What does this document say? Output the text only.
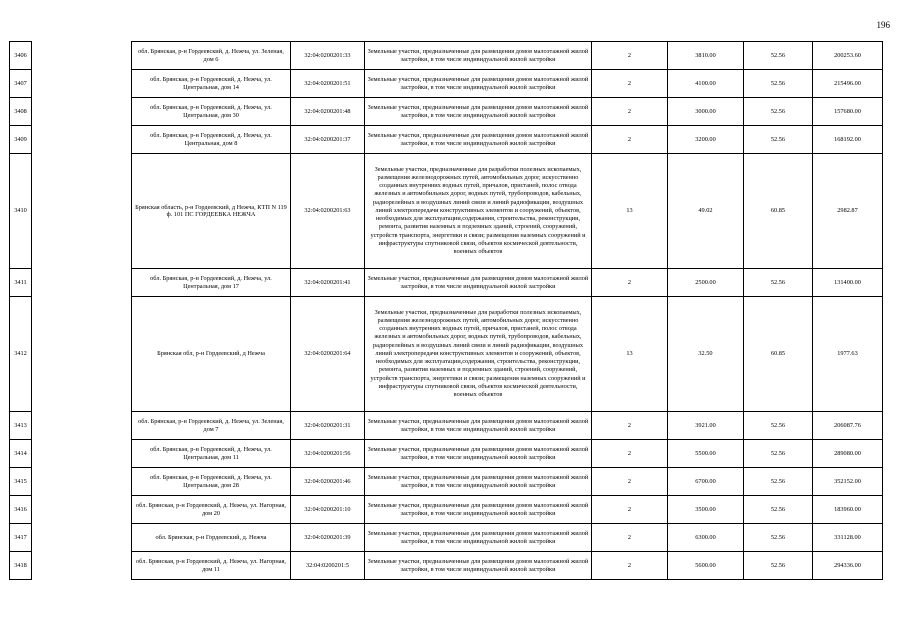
196
3406		обл. Брянская, р-н Гордеевский, д. Нежча, ул. Зеленая, дом 6	32:04:0200201:33	Земельные участки, предназначенные для размещения домов малоэтажной жилой застройки, в том числе индивидуальной жилой застройки	2	3810.00	52.56	200253.60
3407		обл. Брянская, р-н Гордеевский, д. Нежча, ул. Центральная, дом 14	32:04:0200201:51	Земельные участки, предназначенные для размещения домов малоэтажной жилой застройки, в том числе индивидуальной жилой застройки	2	4100.00	52.56	215496.00
3408		обл. Брянская, р-н Гордеевский, д. Нежча, ул. Центральная, дом 30	32:04:0200201:48	Земельные участки, предназначенные для размещения домов малоэтажной жилой застройки, в том числе индивидуальной жилой застройки	2	3000.00	52.56	157680.00
3409		обл. Брянская, р-н Гордеевский, д. Нежча, ул. Центральная, дом 8	32:04:0200201:37	Земельные участки, предназначенные для размещения домов малоэтажной жилой застройки, в том числе индивидуальной жилой застройки	2	3200.00	52.56	168192.00
3410		Брянская область, р-н Гордеевский, д Нежча, КТП N 119 ф. 101 ПС ГОРДЕЕВКА НЕЖЧА	32:04:0200201:63	Земельные участки, предназначенные для разработки полезных ископаемых, размещения железнодорожных путей, автомобильных дорог, искусственно созданных внутренних водных путей, причалов, пристаней, полос отвода железных и автомобильных дорог, водных путей, трубопроводов, кабельных, радиорелейных и воздушных линий связи и линий радиофикации, воздушных линий электропередачи конструктивных элементов и сооружений, объектов, необходимых для эксплуатации,содержания, строительства, реконструкции, ремонта, развития наземных и подземных зданий, строений, сооружений, устройств транспорта, энергетики и связи; размещения наземных сооружений и инфраструктуры спутниковой связи, объектов космической деятельности, военных объектов	13	49.02	60.85	2982.87
3411		обл. Брянская, р-н Гордеевский, д. Нежча, ул. Центральная, дом 17	32:04:0200201:41	Земельные участки, предназначенные для размещения домов малоэтажной жилой застройки, в том числе индивидуальной жилой застройки	2	2500.00	52.56	131400.00
3412		Брянская обл, р-н Гордеевский, д Нежча	32:04:0200201:64	Земельные участки, предназначенные для разработки полезных ископаемых, размещения железнодорожных путей, автомобильных дорог, искусственно созданных внутренних водных путей, причалов, пристаней, полос отвода железных и автомобильных дорог, водных путей, трубопроводов, кабельных, радиорелейных и воздушных линий связи и линий радиофикации, воздушных линий электропередачи конструктивных элементов и сооружений, объектов, необходимых для эксплуатации,содержания, строительства, реконструкции, ремонта, развития наземных и подземных зданий, строений, сооружений, устройств транспорта, энергетики и связи; размещения наземных сооружений и инфраструктуры спутниковой связи, объектов космической деятельности, военных объектов	13	32.50	60.85	1977.63
3413		обл. Брянская, р-н Гордеевский, д. Нежча, ул. Зеленая, дом 7	32:04:0200201:31	Земельные участки, предназначенные для размещения домов малоэтажной жилой застройки, в том числе индивидуальной жилой застройки	2	3921.00	52.56	206087.76
3414		обл. Брянская, р-н Гордеевский, д. Нежча, ул. Центральная, дом 11	32:04:0200201:56	Земельные участки, предназначенные для размещения домов малоэтажной жилой застройки, в том числе индивидуальной жилой застройки	2	5500.00	52.56	289080.00
3415		обл. Брянская, р-н Гордеевский, д. Нежча, ул. Центральная, дом 28	32:04:0200201:46	Земельные участки, предназначенные для размещения домов малоэтажной жилой застройки, в том числе индивидуальной жилой застройки	2	6700.00	52.56	352152.00
3416		обл. Брянская, р-н Гордеевский, д. Нежча, ул. Нагорная, дом 20	32:04:0200201:10	Земельные участки, предназначенные для размещения домов малоэтажной жилой застройки, в том числе индивидуальной жилой застройки	2	3500.00	52.56	183960.00
3417		обл. Брянская, р-н Гордеевский, д. Нежча	32:04:0200201:39	Земельные участки, предназначенные для размещения домов малоэтажной жилой застройки, в том числе индивидуальной жилой застройки	2	6300.00	52.56	331128.00
3418		обл. Брянская, р-н Гордеевский, д. Нежча, ул. Нагорная, дом 11	32:04:0200201:5	Земельные участки, предназначенные для размещения домов малоэтажной жилой застройки, в том числе индивидуальной жилой застройки	2	5600.00	52.56	294336.00
